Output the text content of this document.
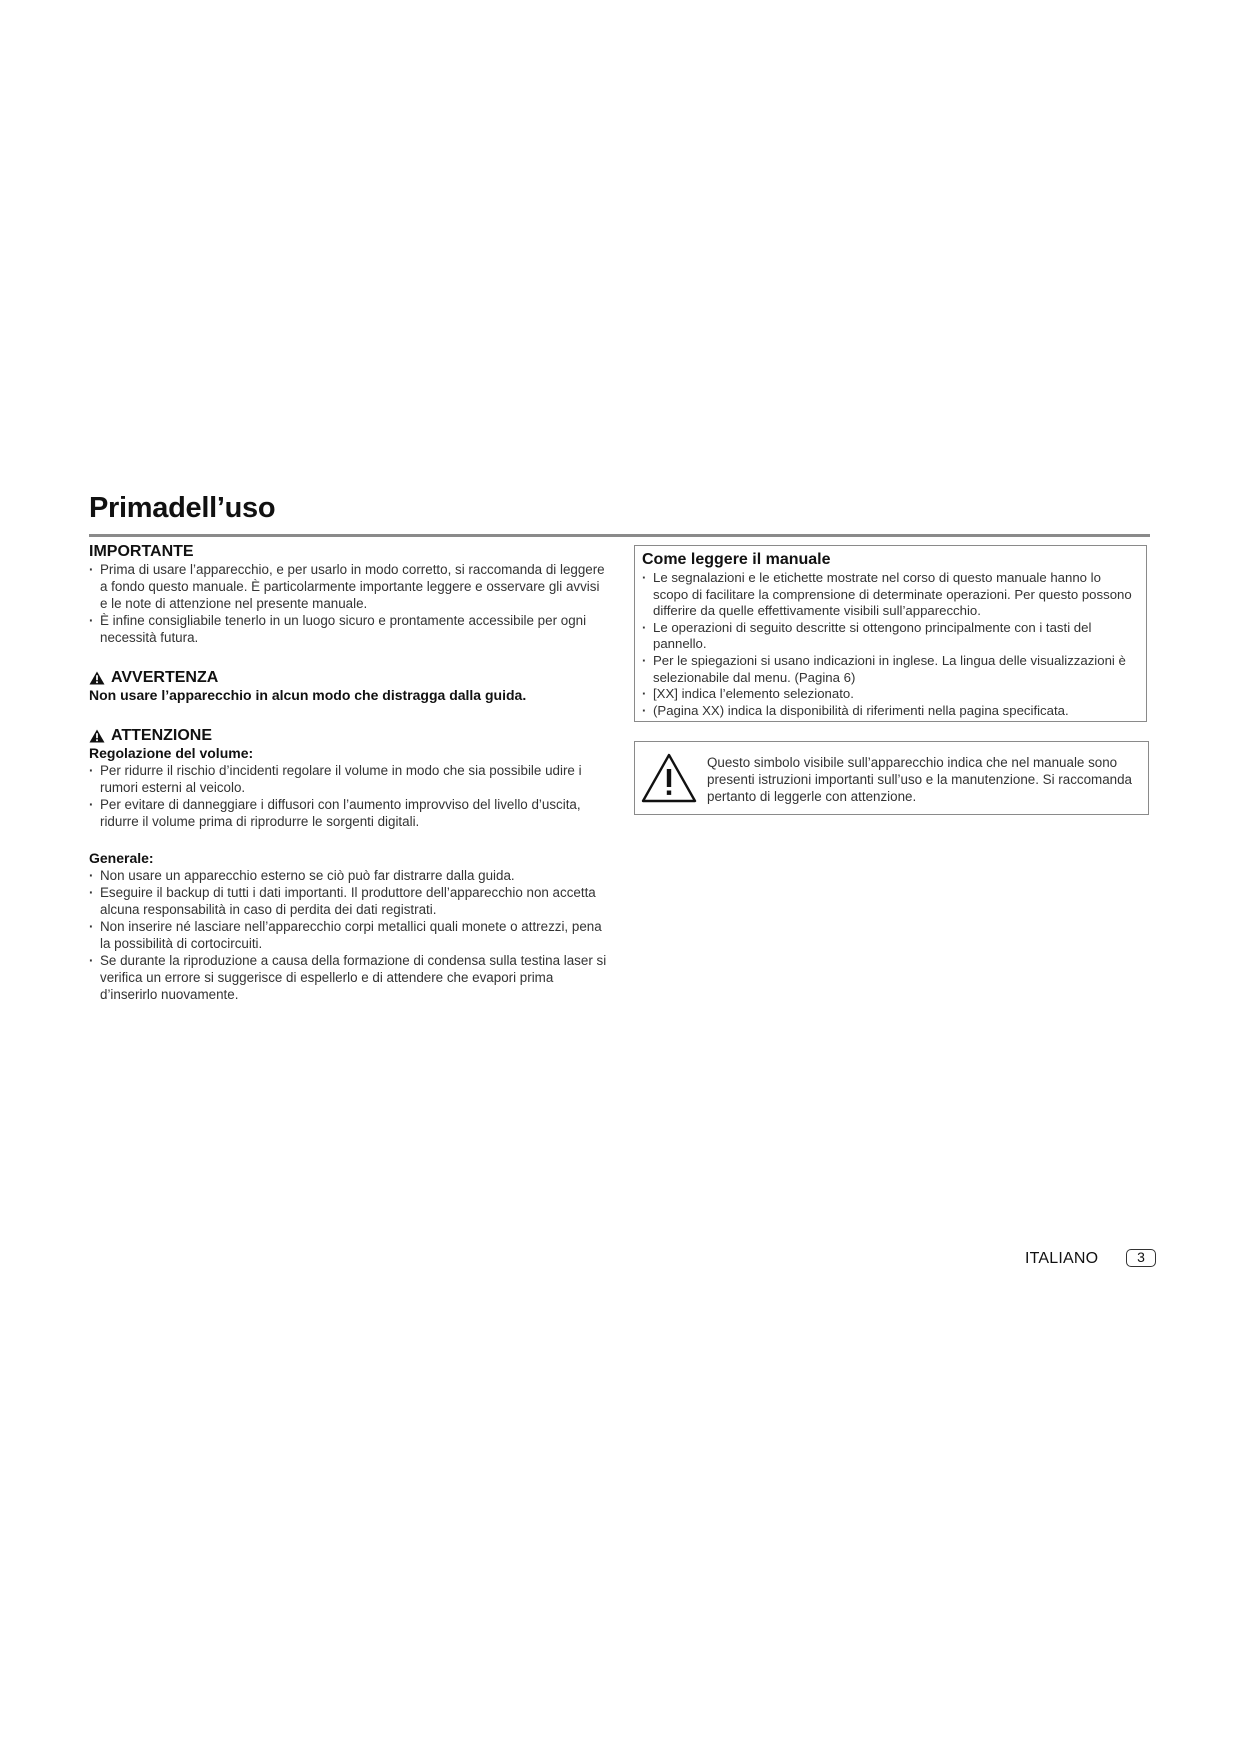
Primadell’uso
IMPORTANTE
· Prima di usare l’apparecchio, e per usarlo in modo corretto, si raccomanda di leggere a fondo questo manuale. È particolarmente importante leggere e osservare gli avvisi e le note di attenzione nel presente manuale.
· È infine consigliabile tenerlo in un luogo sicuro e prontamente accessibile per ogni necessità futura.
AVVERTENZA

Non usare l’apparecchio in alcun modo che distragga dalla guida.

ATTENZIONE
Regolazione del volume:
· Per ridurre il rischio d’incidenti regolare il volume in modo che sia possibile udire i rumori esterni al veicolo.
· Per evitare di danneggiare i diffusori con l’aumento improvviso del livello d’uscita, ridurre il volume prima di riprodurre le sorgenti digitali.
Generale:
· Non usare un apparecchio esterno se ciò può far distrarre dalla guida.
· Eseguire il backup di tutti i dati importanti. Il produttore dell’apparecchio non accetta alcuna responsabilità in caso di perdita dei dati registrati.
· Non inserire né lasciare nell’apparecchio corpi metallici quali monete o attrezzi, pena la possibilità di cortocircuiti.
· Se durante la riproduzione a causa della formazione di condensa sulla testina laser si verifica un errore si suggerisce di espellerlo e di attendere che evapori prima d’inserirlo nuovamente.
Come leggere il manuale
· Le segnalazioni e le etichette mostrate nel corso di questo manuale hanno lo scopo di facilitare la comprensione di determinate operazioni. Per questo possono differire da quelle effettivamente visibili sull’apparecchio.
· Le operazioni di seguito descritte si ottengono principalmente con i tasti del pannello.
· Per le spiegazioni si usano indicazioni in inglese. La lingua delle visualizzazioni è selezionabile dal menu. (Pagina 6)
· [XX] indica l’elemento selezionato.
· (Pagina XX) indica la disponibilità di riferimenti nella pagina specificata.

Questo simbolo visibile sull’apparecchio indica che nel manuale sono presenti istruzioni importanti sull’uso e la manutenzione. Si raccomanda pertanto di leggerle con attenzione.

ITALIANO	3
